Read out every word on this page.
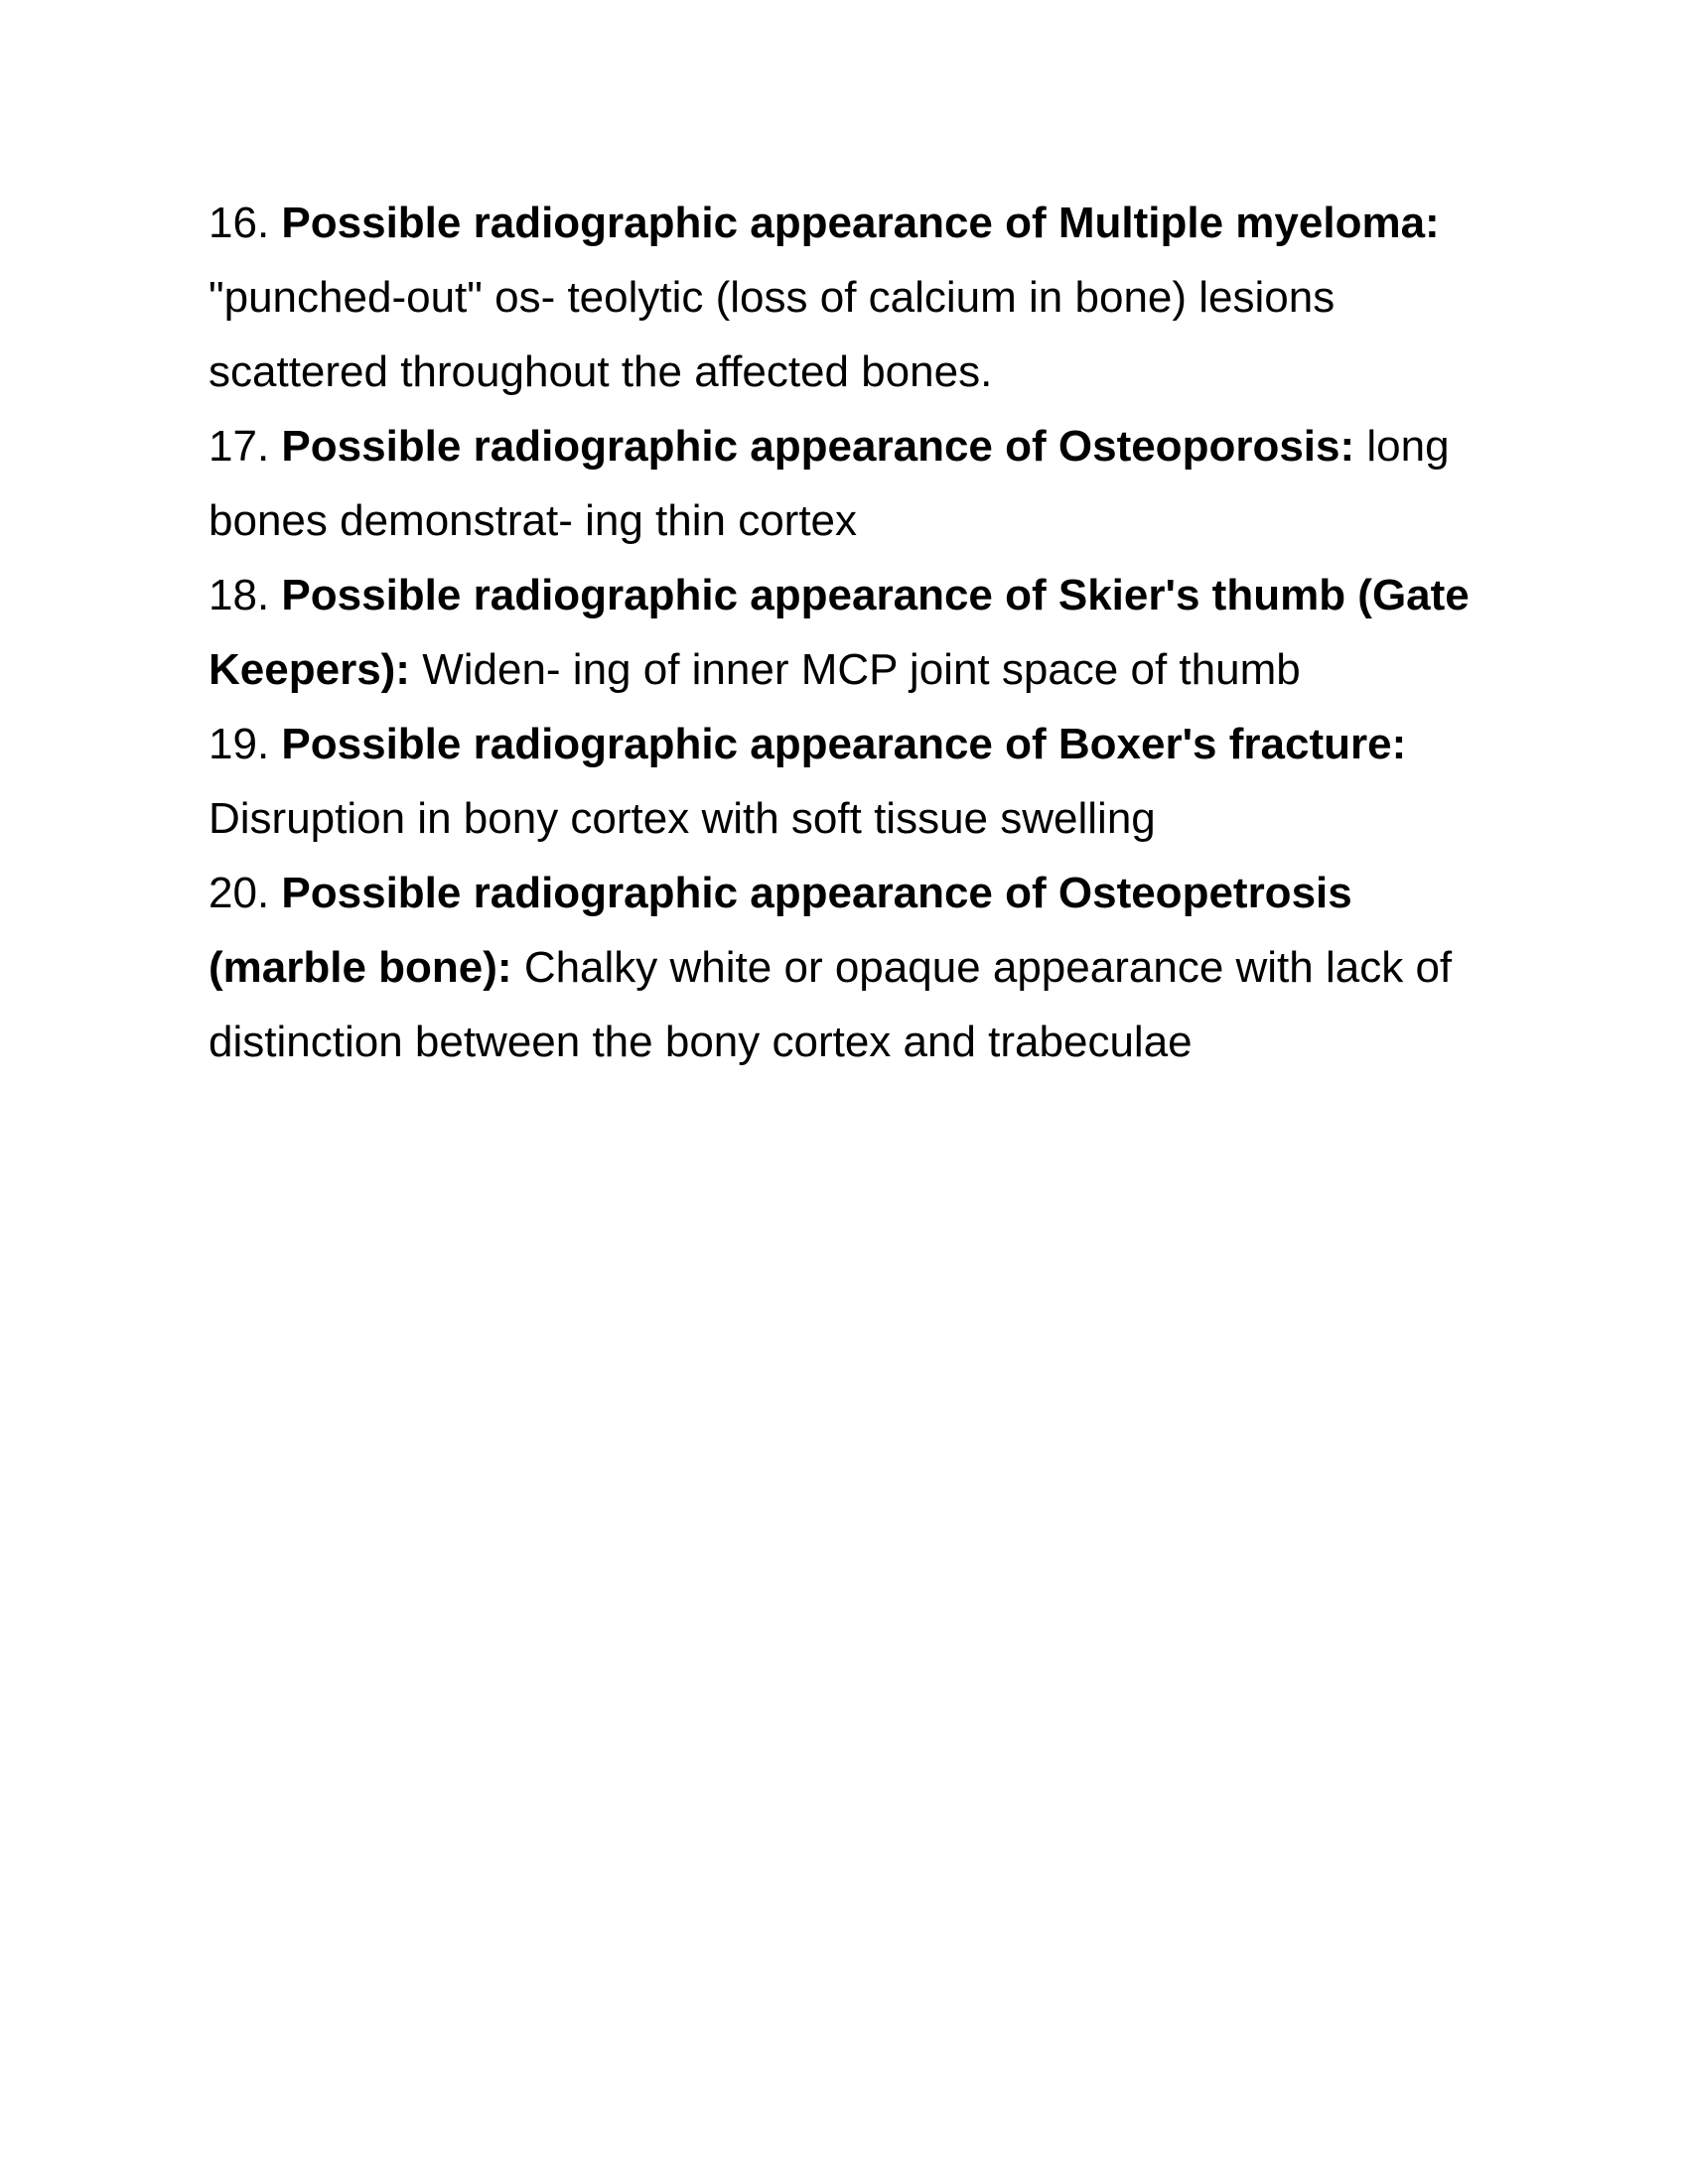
16. Possible radiographic appearance of Multiple myeloma: "punched-out" os- teolytic (loss of calcium in bone) lesions scattered throughout the affected bones.

17. Possible radiographic appearance of Osteoporosis: long bones demonstrat- ing thin cortex

18. Possible radiographic appearance of Skier's thumb (Gate Keepers): Widen- ing of inner MCP joint space of thumb

19. Possible radiographic appearance of Boxer's fracture: Disruption in bony cortex with soft tissue swelling

20. Possible radiographic appearance of Osteopetrosis (marble bone): Chalky white or opaque appearance with lack of distinction between the bony cortex and trabeculae
